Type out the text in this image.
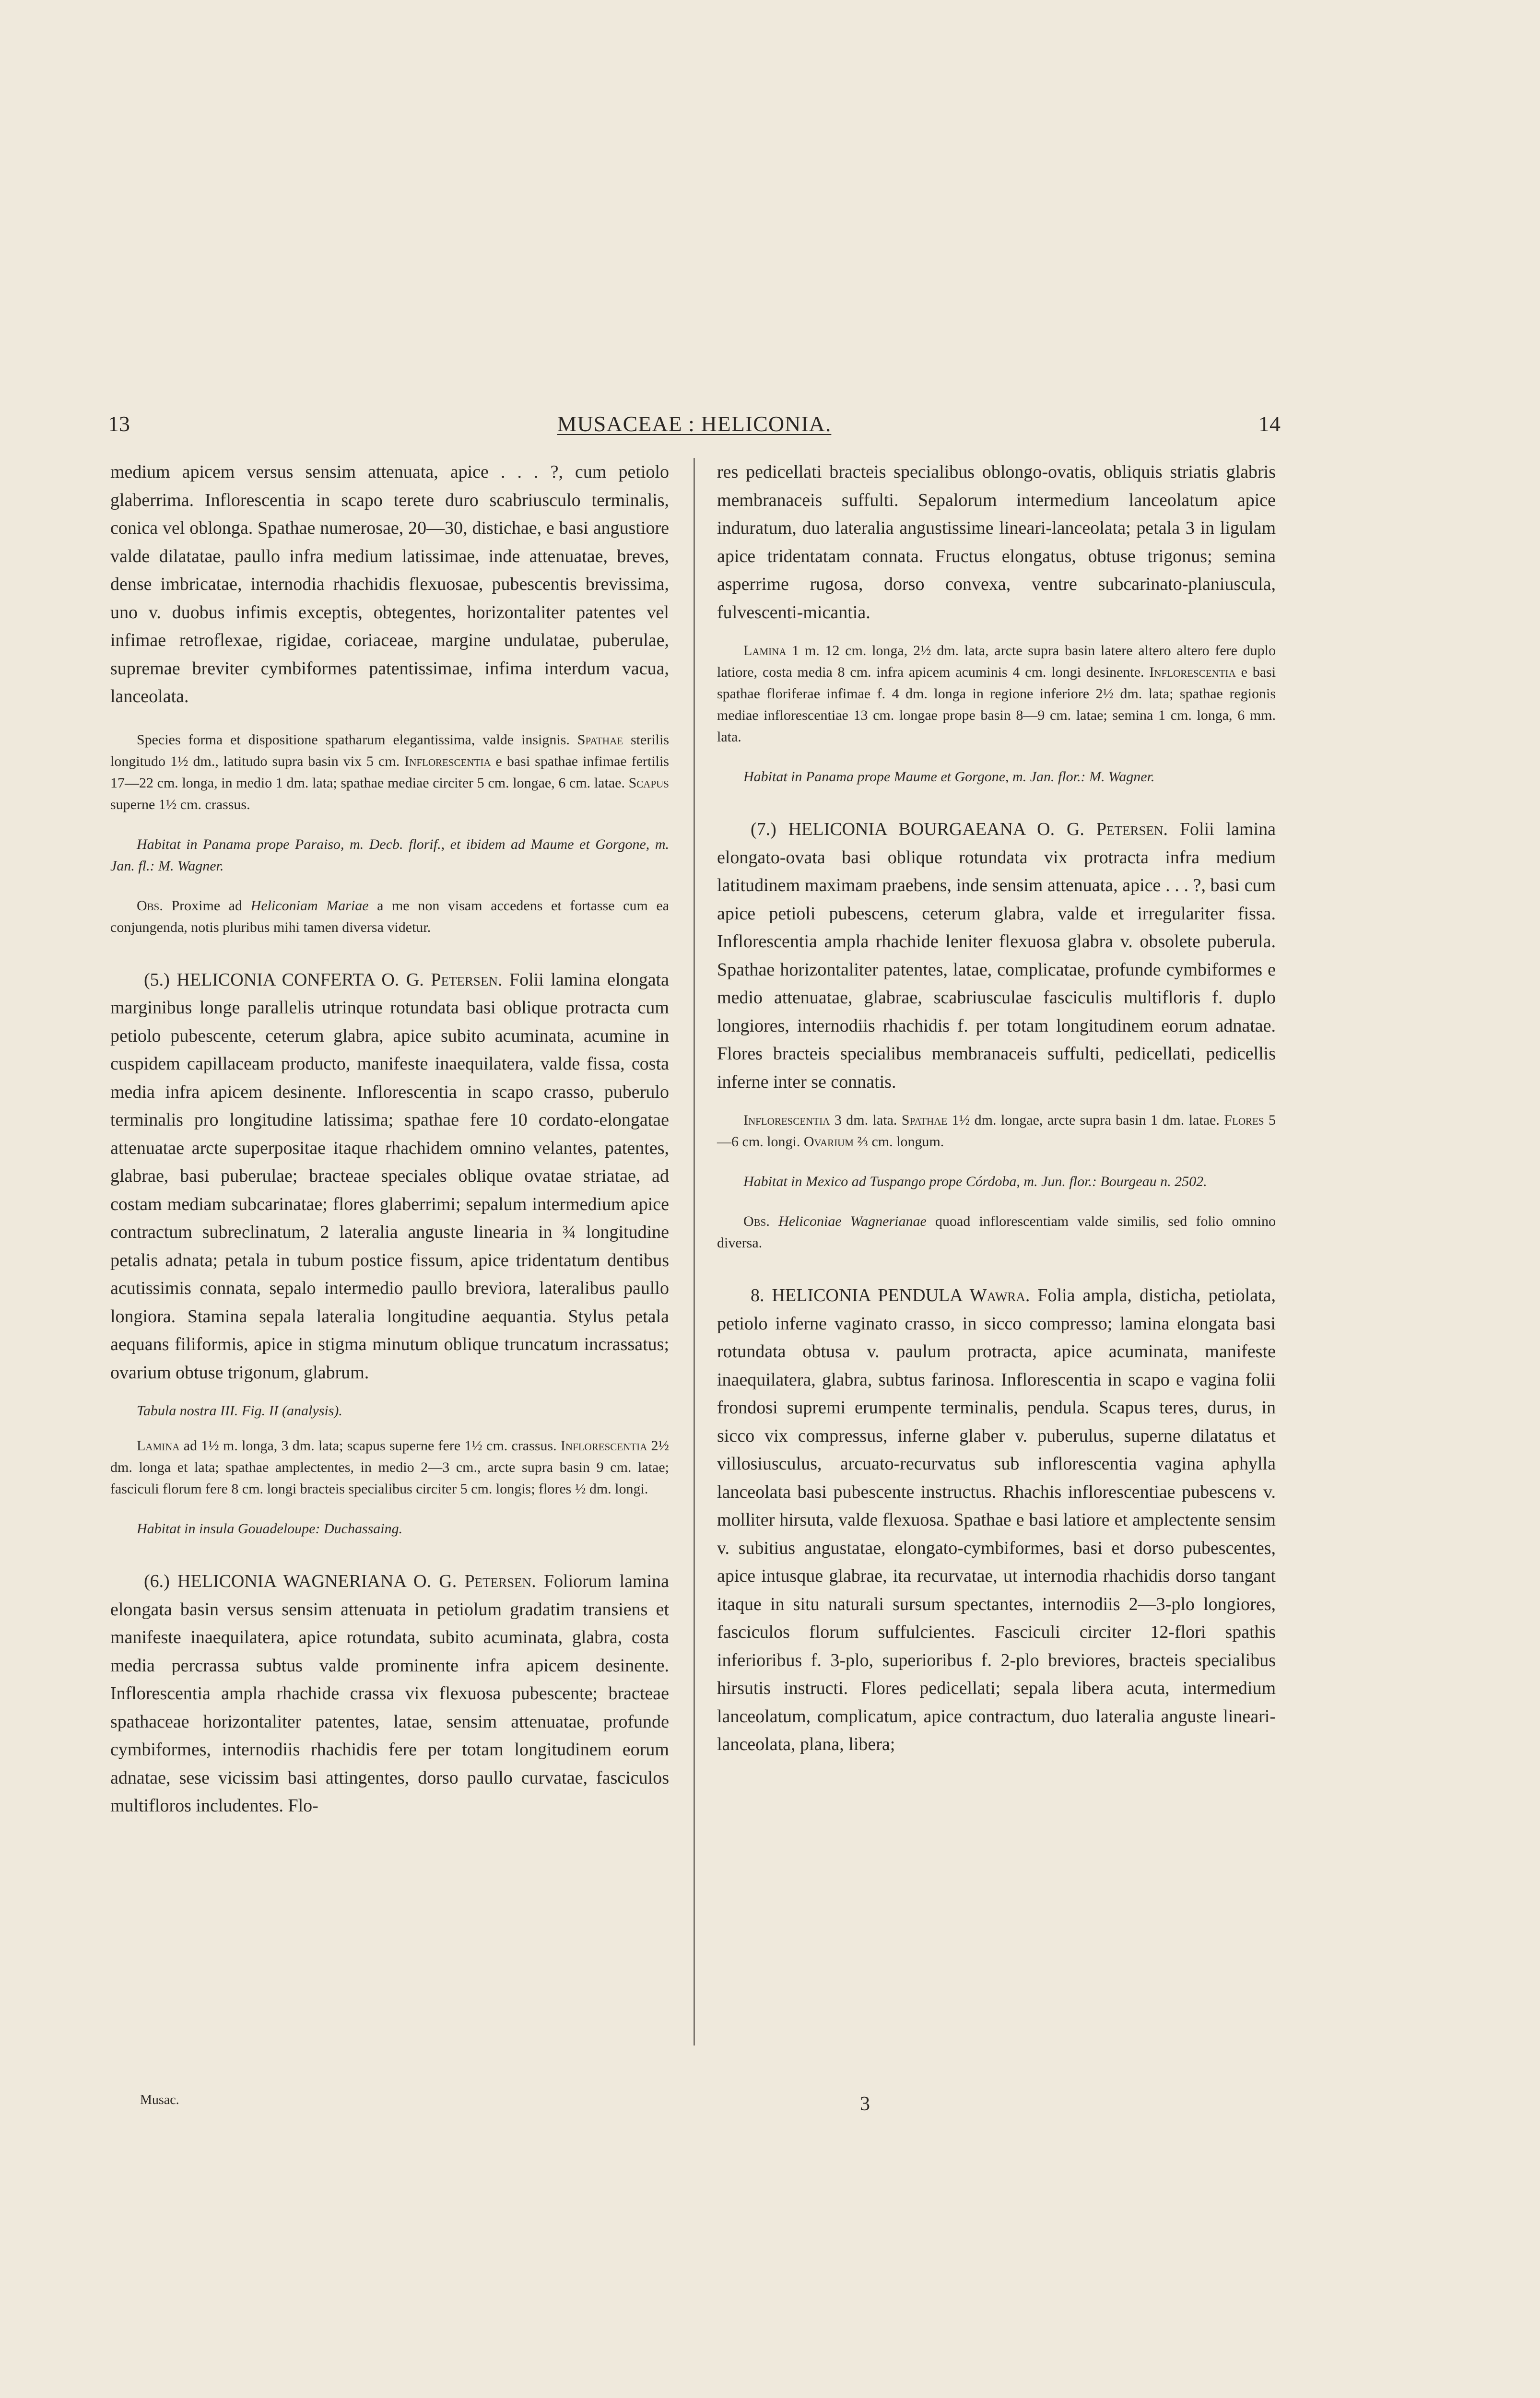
13	MUSACEAE : HELICONIA.	14

medium apicem versus sensim attenuata, apice . . . ?, cum petiolo glaberrima. Inflorescentia in scapo terete duro scabriusculo terminalis, conica vel oblonga. Spathae numerosae, 20—30, distichae, e basi angustiore valde dilatatae, paullo infra medium latissimae, inde attenuatae, breves, dense imbricatae, internodia rhachidis flexuosae, pubescentis brevissima, uno v. duobus infimis exceptis, obtegentes, horizontaliter patentes vel infimae retroflexae, rigidae, coriaceae, margine undulatae, puberulae, supremae breviter cymbiformes patentissimae, infima interdum vacua, lanceolata.

Species forma et dispositione spatharum elegantissima, valde insignis. Spathae sterilis longitudo 1½ dm., latitudo supra basin vix 5 cm. Inflorescentia e basi spathae infimae fertilis 17—22 cm. longa, in medio 1 dm. lata; spathae mediae circiter 5 cm. longae, 6 cm. latae. Scapus superne 1½ cm. crassus.

Habitat in Panama prope Paraiso, m. Decb. florif., et ibidem ad Maume et Gorgone, m. Jan. fl.: M. Wagner.

Obs. Proxime ad Heliconiam Mariae a me non visam accedens et fortasse cum ea conjungenda, notis pluribus mihi tamen diversa videtur.

(5.) HELICONIA CONFERTA O. G. Petersen. Folii lamina elongata marginibus longe parallelis utrinque rotundata basi oblique protracta cum petiolo pubescente, ceterum glabra, apice subito acuminata, acumine in cuspidem capillaceam producto, manifeste inaequilatera, valde fissa, costa media infra apicem desinente. Inflorescentia in scapo crasso, puberulo terminalis pro longitudine latissima; spathae fere 10 cordato-elongatae attenuatae arcte superpositae itaque rhachidem omnino velantes, patentes, glabrae, basi puberulae; bracteae speciales oblique ovatae striatae, ad costam mediam subcarinatae; flores glaberrimi; sepalum intermedium apice contractum subreclinatum, 2 lateralia anguste linearia in ¾ longitudine petalis adnata; petala in tubum postice fissum, apice tridentatum dentibus acutissimis connata, sepalo intermedio paullo breviora, lateralibus paullo longiora. Stamina sepala lateralia longitudine aequantia. Stylus petala aequans filiformis, apice in stigma minutum oblique truncatum incrassatus; ovarium obtuse trigonum, glabrum.

Tabula nostra III. Fig. II (analysis).

Lamina ad 1½ m. longa, 3 dm. lata; scapus superne fere 1½ cm. crassus. Inflorescentia 2½ dm. longa et lata; spathae amplectentes, in medio 2—3 cm., arcte supra basin 9 cm. latae; fasciculi florum fere 8 cm. longi bracteis specialibus circiter 5 cm. longis; flores ½ dm. longi.

Habitat in insula Gouadeloupe: Duchassaing.

(6.) HELICONIA WAGNERIANA O. G. Petersen. Foliorum lamina elongata basin versus sensim attenuata in petiolum gradatim transiens et manifeste inaequilatera, apice rotundata, subito acuminata, glabra, costa media percrassa subtus valde prominente infra apicem desinente. Inflorescentia ampla rhachide crassa vix flexuosa pubescente; bracteae spathaceae horizontaliter patentes, latae, sensim attenuatae, profunde cymbiformes, internodiis rhachidis fere per totam longitudinem eorum adnatae, sese vicissim basi attingentes, dorso paullo curvatae, fasciculos multifloros includentes. Flo-

Musac.

res pedicellati bracteis specialibus oblongo-ovatis, obliquis striatis glabris membranaceis suffulti. Sepalorum intermedium lanceolatum apice induratum, duo lateralia angustissime lineari-lanceolata; petala 3 in ligulam apice tridentatam connata. Fructus elongatus, obtuse trigonus; semina asperrime rugosa, dorso convexa, ventre subcarinato-planiuscula, fulvescenti-micantia.

Lamina 1 m. 12 cm. longa, 2½ dm. lata, arcte supra basin latere altero altero fere duplo latiore, costa media 8 cm. infra apicem acuminis 4 cm. longi desinente. Inflorescentia e basi spathae floriferae infimae f. 4 dm. longa in regione inferiore 2½ dm. lata; spathae regionis mediae inflorescentiae 13 cm. longae prope basin 8—9 cm. latae; semina 1 cm. longa, 6 mm. lata.

Habitat in Panama prope Maume et Gorgone, m. Jan. flor.: M. Wagner.

(7.) HELICONIA BOURGAEANA O. G. Petersen. Folii lamina elongato-ovata basi oblique rotundata vix protracta infra medium latitudinem maximam praebens, inde sensim attenuata, apice . . . ?, basi cum apice petioli pubescens, ceterum glabra, valde et irregulariter fissa. Inflorescentia ampla rhachide leniter flexuosa glabra v. obsolete puberula. Spathae horizontaliter patentes, latae, complicatae, profunde cymbiformes e medio attenuatae, glabrae, scabriusculae fasciculis multifloris f. duplo longiores, internodiis rhachidis f. per totam longitudinem eorum adnatae. Flores bracteis specialibus membranaceis suffulti, pedicellati, pedicellis inferne inter se connatis.

Inflorescentia 3 dm. lata. Spathae 1½ dm. longae, arcte supra basin 1 dm. latae. Flores 5—6 cm. longi. Ovarium ⅔ cm. longum.

Habitat in Mexico ad Tuspango prope Córdoba, m. Jun. flor.: Bourgeau n. 2502.

Obs. Heliconiae Wagnerianae quoad inflorescentiam valde similis, sed folio omnino diversa.

8. HELICONIA PENDULA Wawra. Folia ampla, disticha, petiolata, petiolo inferne vaginato crasso, in sicco compresso; lamina elongata basi rotundata obtusa v. paulum protracta, apice acuminata, manifeste inaequilatera, glabra, subtus farinosa. Inflorescentia in scapo e vagina folii frondosi supremi erumpente terminalis, pendula. Scapus teres, durus, in sicco vix compressus, inferne glaber v. puberulus, superne dilatatus et villosiusculus, arcuato-recurvatus sub inflorescentia vagina aphylla lanceolata basi pubescente instructus. Rhachis inflorescentiae pubescens v. molliter hirsuta, valde flexuosa. Spathae e basi latiore et amplectente sensim v. subitius angustatae, elongato-cymbiformes, basi et dorso pubescentes, apice intusque glabrae, ita recurvatae, ut internodia rhachidis dorso tangant itaque in situ naturali sursum spectantes, internodiis 2—3-plo longiores, fasciculos florum suffulcientes. Fasciculi circiter 12-flori spathis inferioribus f. 3-plo, superioribus f. 2-plo breviores, bracteis specialibus hirsutis instructi. Flores pedicellati; sepala libera acuta, intermedium lanceolatum, complicatum, apice contractum, duo lateralia anguste lineari-lanceolata, plana, libera;

3
